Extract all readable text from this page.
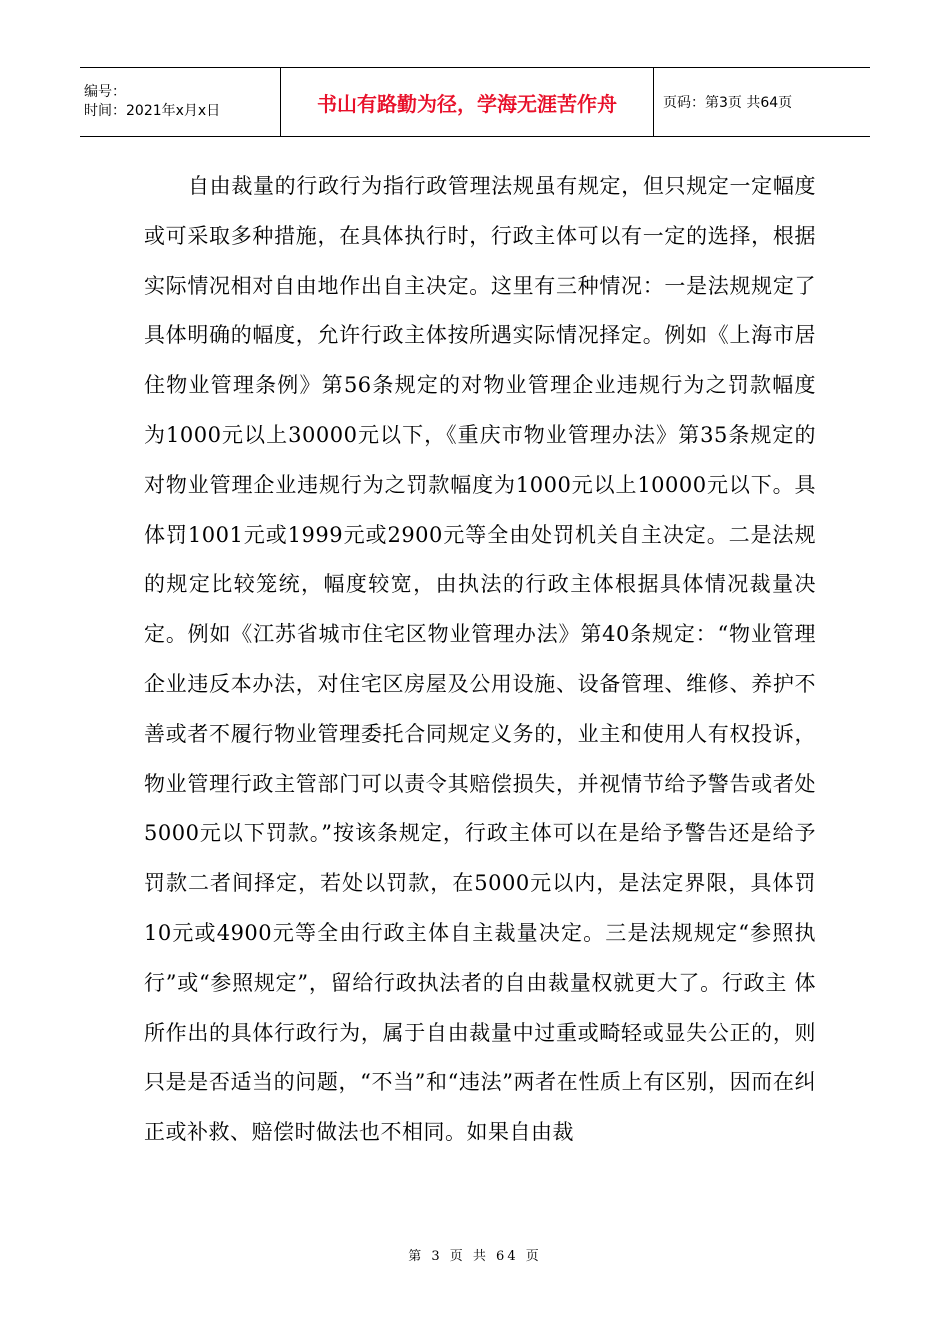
编号：
时间：2021年x月x日	书山有路勤为径，学海无涯苦作舟	页码：第3页 共64页

自由裁量的行政行为指行政管理法规虽有规定，但只规定一定幅度或可采取多种措施，在具体执行时，行政主体可以有一定的选择，根据实际情况相对自由地作出自主决定。这里有三种情况：一是法规规定了具体明确的幅度，允许行政主体按所遇实际情况择定。例如《上海市居住物业管理条例》第56条规定的对物业管理企业违规行为之罚款幅度为1000元以上30000元以下，《重庆市物业管理办法》第35条规定的对物业管理企业违规行为之罚款幅度为1000元以上10000元以下。具体罚1001元或1999元或2900元等全由处罚机关自主决定。二是法规的规定比较笼统，幅度较宽，由执法的行政主体根据具体情况裁量决定。例如《江苏省城市住宅区物业管理办法》第40条规定：“物业管理企业违反本办法，对住宅区房屋及公用设施、设备管理、维修、养护不善或者不履行物业管理委托合同规定义务的，业主和使用人有权投诉，物业管理行政主管部门可以责令其赔偿损失，并视情节给予警告或者处5000元以下罚款。”按该条规定，行政主体可以在是给予警告还是给予罚款二者间择定，若处以罚款，在5000元以内，是法定界限，具体罚10元或4900元等全由行政主体自主裁量决定。三是法规规定“参照执行”或“参照规定”，留给行政执法者的自由裁量权就更大了。行政主 体所作出的具体行政行为，属于自由裁量中过重或畸轻或显失公正的，则只是是否适当的问题，“不当”和“违法”两者在性质上有区别，因而在纠正或补救、赔偿时做法也不相同。如果自由裁

第 3 页 共 64 页
